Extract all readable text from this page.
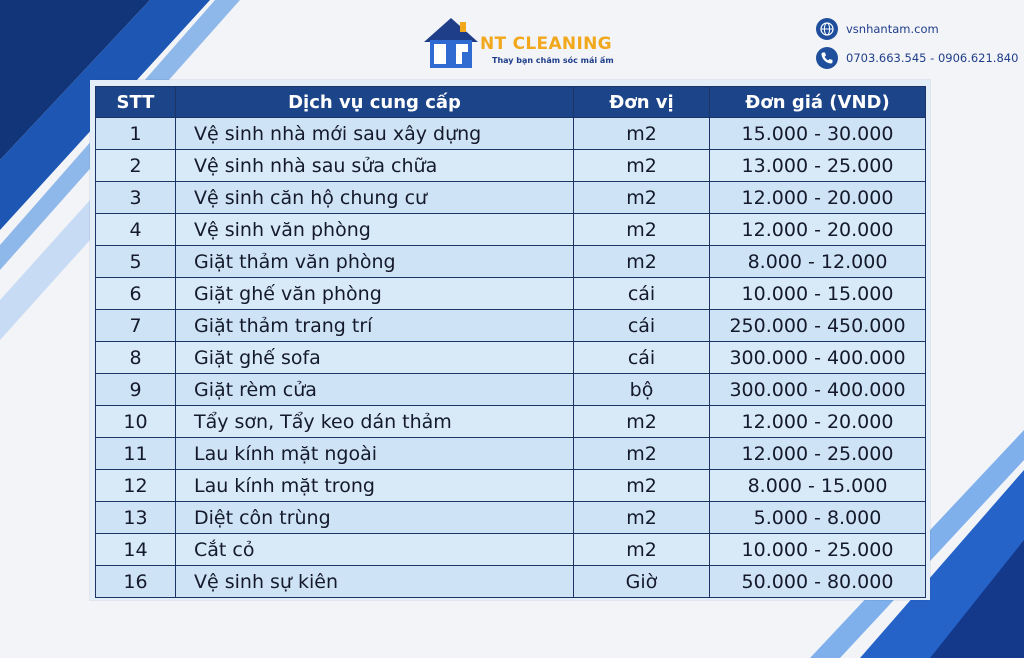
NT CLEANING
Thay bạn chăm sóc mái ấm
vsnhantam.com
0703.663.545 - 0906.621.840
STT	Dịch vụ cung cấp	Đơn vị	Đơn giá (VND)
1	Vệ sinh nhà mới sau xây dựng	m2	15.000 - 30.000
2	Vệ sinh nhà sau sửa chữa	m2	13.000 - 25.000
3	Vệ sinh căn hộ chung cư	m2	12.000 - 20.000
4	Vệ sinh văn phòng	m2	12.000 - 20.000
5	Giặt thảm văn phòng	m2	8.000 - 12.000
6	Giặt ghế văn phòng	cái	10.000 - 15.000
7	Giặt thảm trang trí	cái	250.000 - 450.000
8	Giặt ghế sofa	cái	300.000 - 400.000
9	Giặt rèm cửa	bộ	300.000 - 400.000
10	Tẩy sơn, Tẩy keo dán thảm	m2	12.000 - 20.000
11	Lau kính mặt ngoài	m2	12.000 - 25.000
12	Lau kính mặt trong	m2	8.000 - 15.000
13	Diệt côn trùng	m2	5.000 - 8.000
14	Cắt cỏ	m2	10.000 - 25.000
16	Vệ sinh sự kiên	Giờ	50.000 - 80.000
